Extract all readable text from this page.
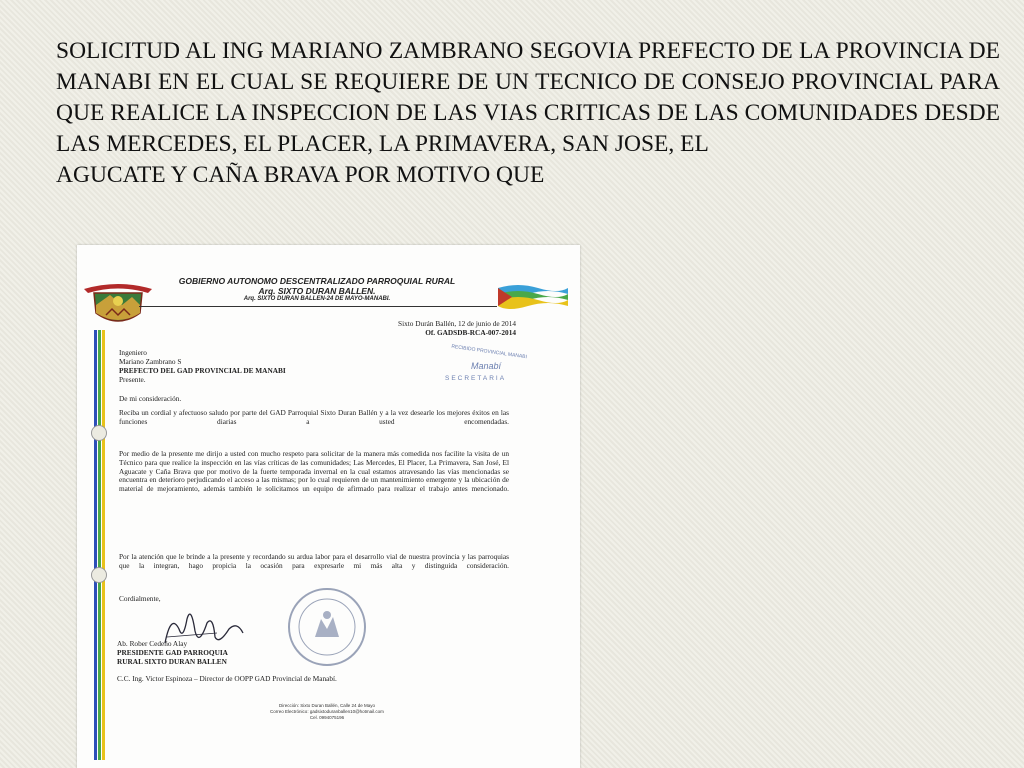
SOLICITUD AL ING MARIANO ZAMBRANO SEGOVIA PREFECTO DE LA PROVINCIA DE MANABI EN EL CUAL SE REQUIERE DE UN TECNICO DE CONSEJO PROVINCIAL PARA QUE REALICE LA INSPECCION DE LAS VIAS CRITICAS DE LAS COMUNIDADES DESDE LAS MERCEDES, EL PLACER, LA PRIMAVERA, SAN JOSE, EL
AGUCATE Y CAÑA BRAVA POR MOTIVO QUE

GOBIERNO AUTONOMO DESCENTRALIZADO PARROQUIAL RURAL
Arq. SIXTO DURAN BALLEN.
Arq. SIXTO DURAN BALLEN-24 DE MAYO-MANABI.
Sixto Durán Ballén, 12 de junio de 2014
Of. GADSDB-RCA-007-2014
Ingeniero
Mariano Zambrano S
PREFECTO DEL GAD PROVINCIAL DE MANABI
Presente.
RECIBIDO PROVINCIAL MANABI
Manabí
SECRETARIA
De mi consideración.
Reciba un cordial y afectuoso saludo por parte del GAD Parroquial Sixto Duran Ballén y a la vez desearle los mejores éxitos en las funciones diarias a usted encomendadas.
Por medio de la presente me dirijo a usted con mucho respeto para solicitar de la manera más comedida nos facilite la visita de un Técnico para que realice la inspección en las vías críticas de las comunidades; Las Mercedes, El Placer, La Primavera, San José, El Aguacate y Caña Brava que por motivo de la fuerte temporada invernal en la cual estamos atravesando las vías mencionadas se encuentra en deterioro perjudicando el acceso a las mismas; por lo cual requieren de un mantenimiento emergente y la ubicación de material de mejoramiento, además también le solicitamos un equipo de afirmado para realizar el trabajo antes mencionado.
Por la atención que le brinde a la presente y recordando su ardua labor para el desarrollo vial de nuestra provincia y las parroquias que la integran, hago propicia la ocasión para expresarle mi más alta y distinguida consideración.
Cordialmente,
Ab. Rober Cedeño Alay
PRESIDENTE GAD PARROQUIA
RURAL SIXTO DURAN BALLEN
C.C. Ing. Victor Espinoza – Director de OOPP GAD Provincial de Manabí.
Dirección: Sixto Duran Ballén, Calle 24 de Mayo
Correo Electrónico: gadsixtoduranballen10@hotmail.com
Cel. 0994075196
